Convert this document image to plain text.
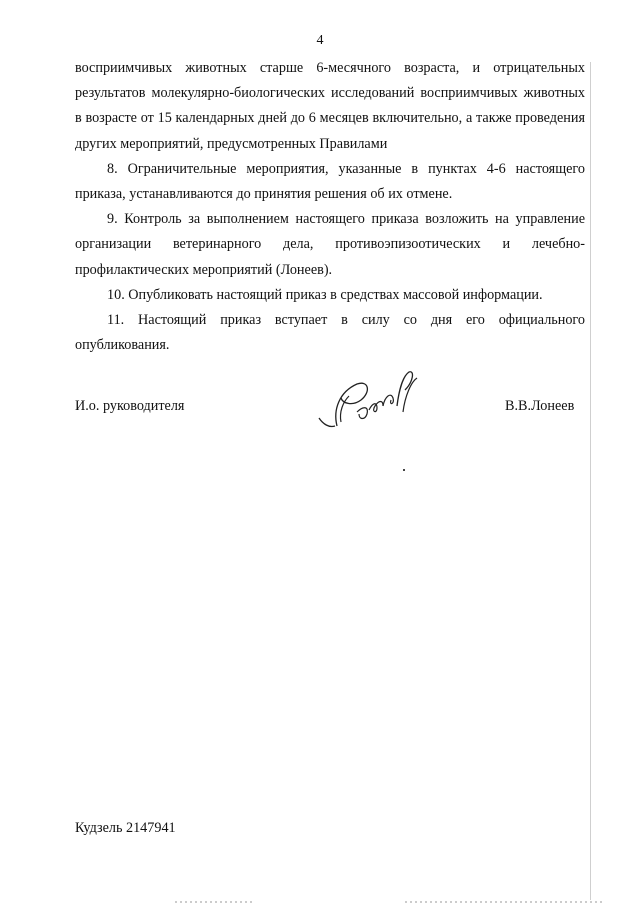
4

восприимчивых животных старше 6-месячного возраста, и отрицательных результатов молекулярно-биологических исследований восприимчивых животных в возрасте от 15 календарных дней до 6 месяцев включительно, а также проведения других мероприятий, предусмотренных Правилами

8. Ограничительные мероприятия, указанные в пунктах 4-6 настоящего приказа, устанавливаются до принятия решения об их отмене.

9. Контроль за выполнением настоящего приказа возложить на управление организации ветеринарного дела, противоэпизоотических и лечебно-профилактических мероприятий (Лонеев).

10. Опубликовать настоящий приказ в средствах массовой информации.

11. Настоящий приказ вступает в силу со дня его официального опубликования.

И.о. руководителя	В.В.Лонеев
Кудзель 2147941
